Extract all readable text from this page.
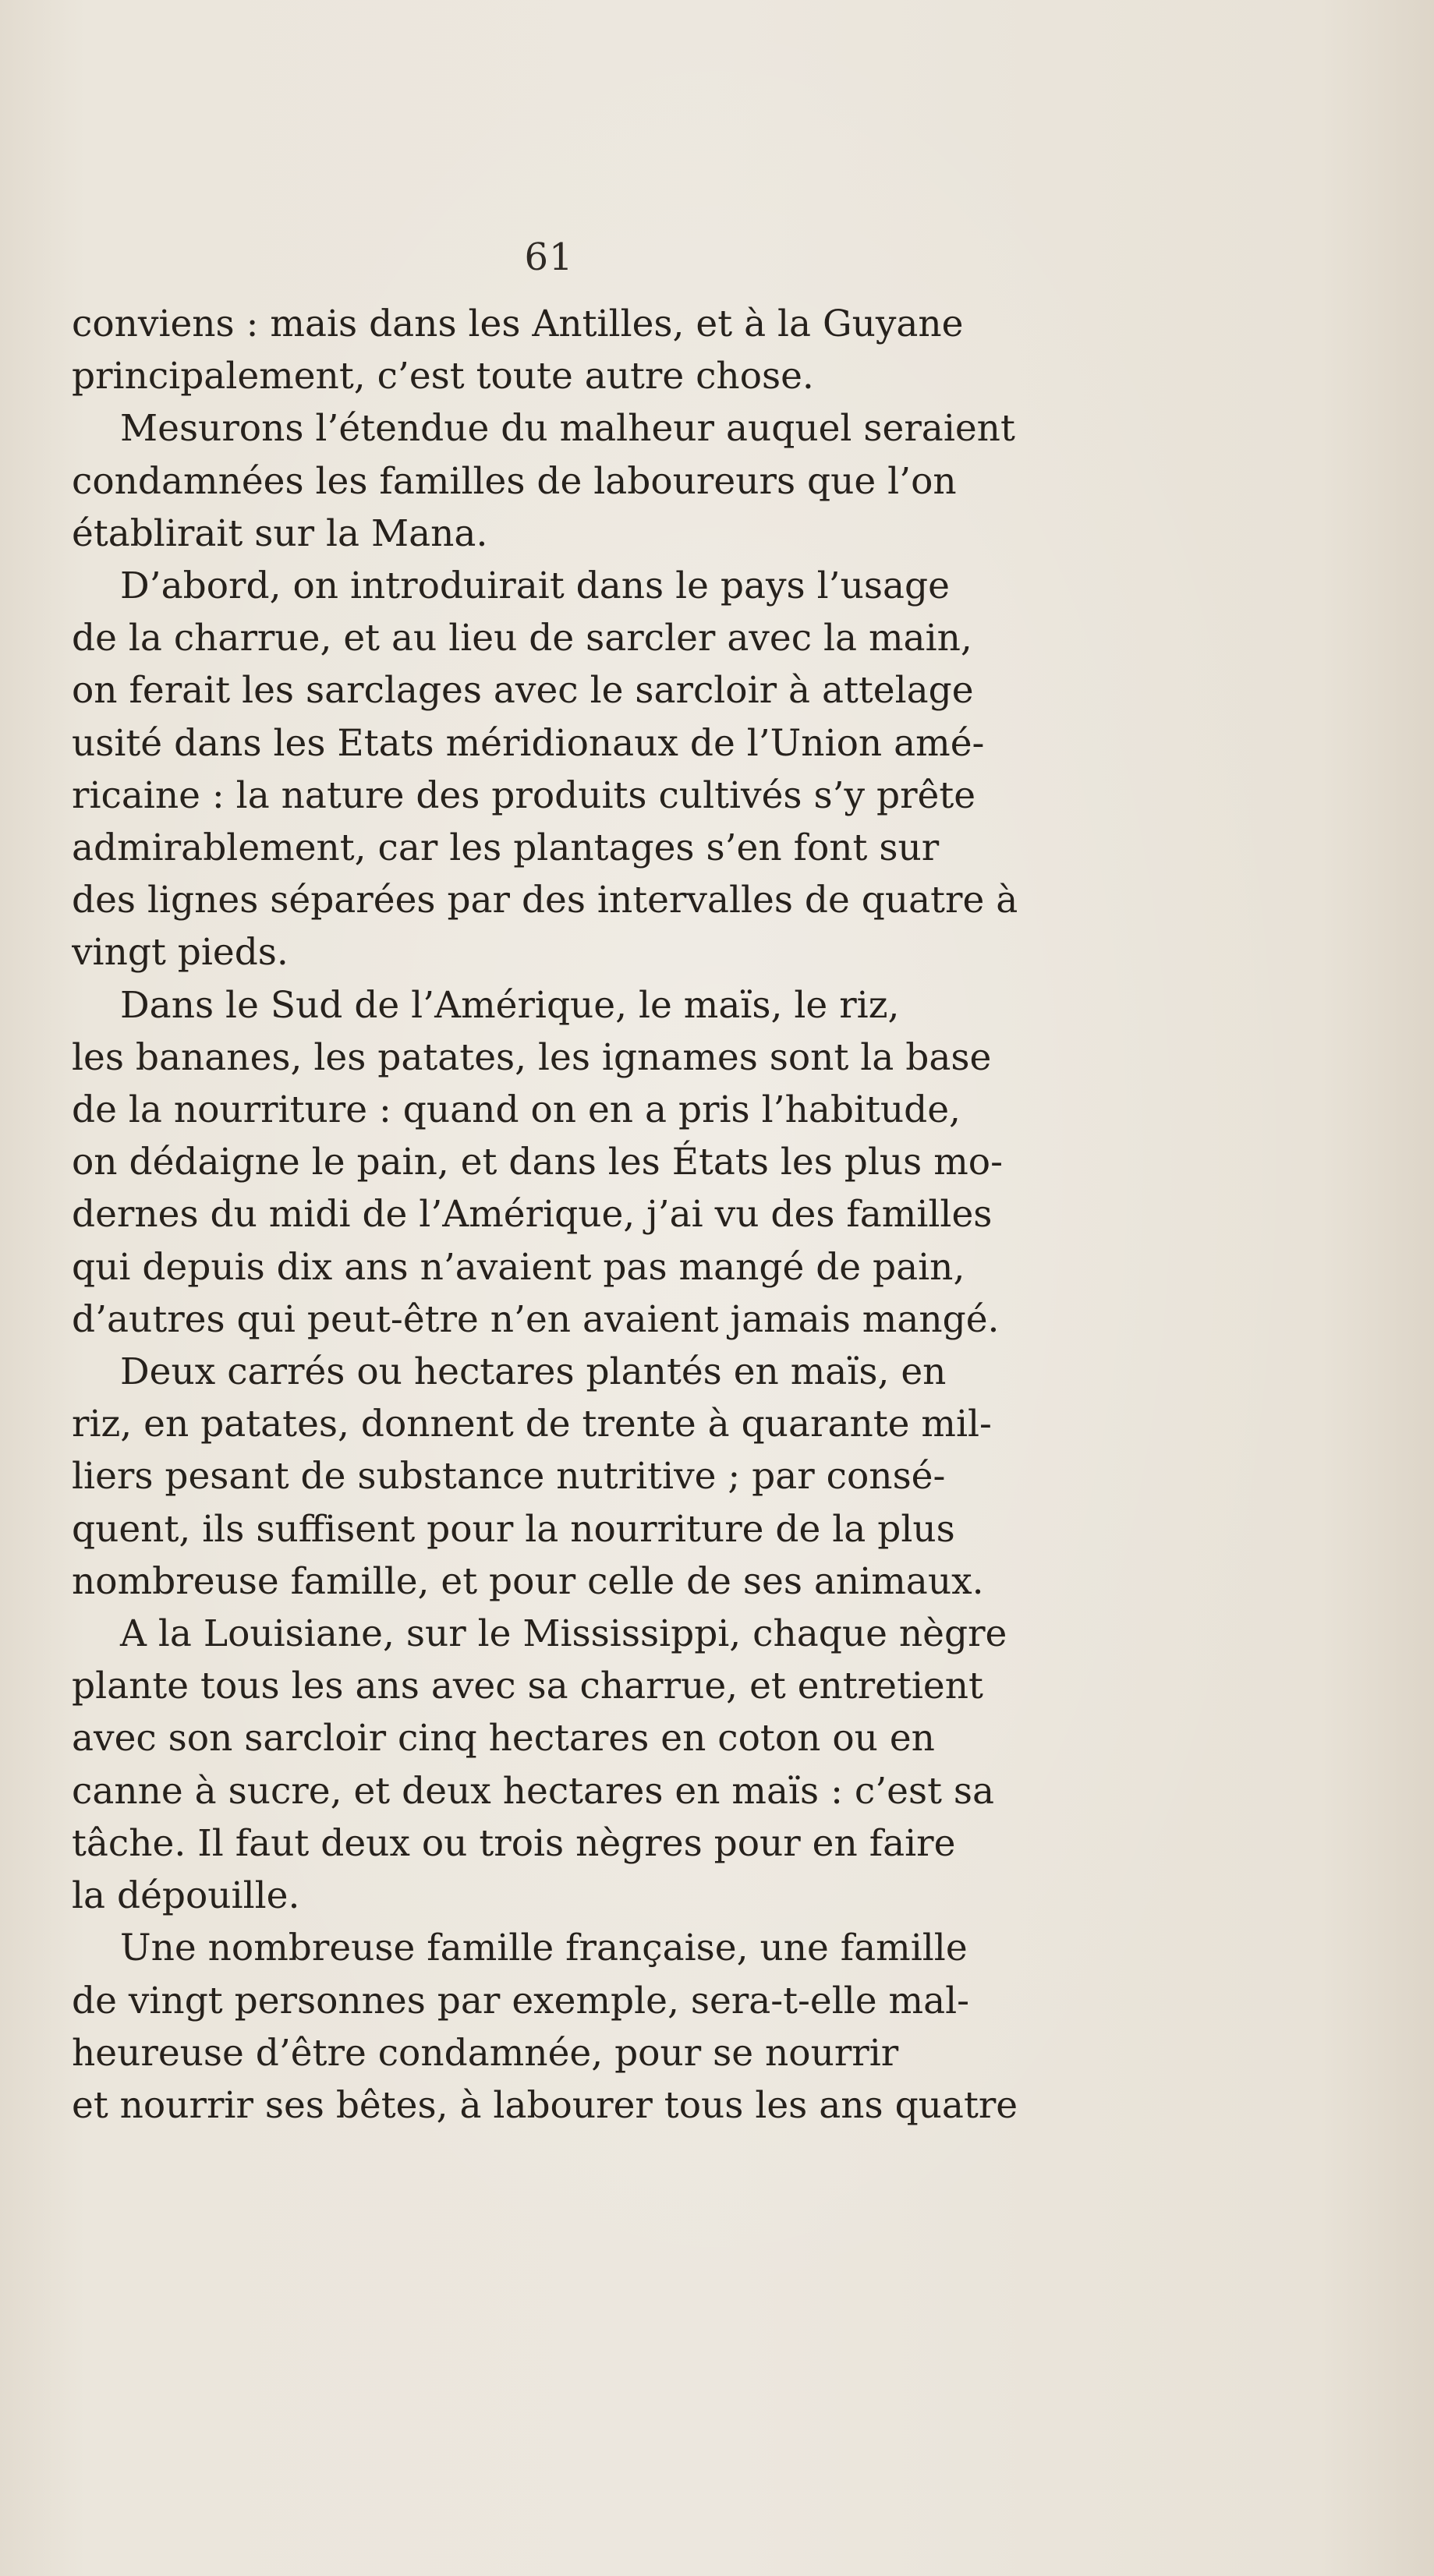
61
conviens : mais dans les Antilles, et à la Guyane
principalement, c’est toute autre chose.
Mesurons l’étendue du malheur auquel seraient
condamnées les familles de laboureurs que l’on
établirait sur la Mana.
D’abord, on introduirait dans le pays l’usage
de la charrue, et au lieu de sarcler avec la main,
on ferait les sarclages avec le sarcloir à attelage
usité dans les Etats méridionaux de l’Union amé-
ricaine : la nature des produits cultivés s’y prête
admirablement, car les plantages s’en font sur
des lignes séparées par des intervalles de quatre à
vingt pieds.
Dans le Sud de l’Amérique, le maïs, le riz,
les bananes, les patates, les ignames sont la base
de la nourriture : quand on en a pris l’habitude,
on dédaigne le pain, et dans les États les plus mo-
dernes du midi de l’Amérique, j’ai vu des familles
qui depuis dix ans n’avaient pas mangé de pain,
d’autres qui peut-être n’en avaient jamais mangé.
Deux carrés ou hectares plantés en maïs, en
riz, en patates, donnent de trente à quarante mil-
liers pesant de substance nutritive ; par consé-
quent, ils suffisent pour la nourriture de la plus
nombreuse famille, et pour celle de ses animaux.
A la Louisiane, sur le Mississippi, chaque nègre
plante tous les ans avec sa charrue, et entretient
avec son sarcloir cinq hectares en coton ou en
canne à sucre, et deux hectares en maïs : c’est sa
tâche. Il faut deux ou trois nègres pour en faire
la dépouille.
Une nombreuse famille française, une famille
de vingt personnes par exemple, sera-t-elle mal-
heureuse d’être condamnée, pour se nourrir
et nourrir ses bêtes, à labourer tous les ans quatre
